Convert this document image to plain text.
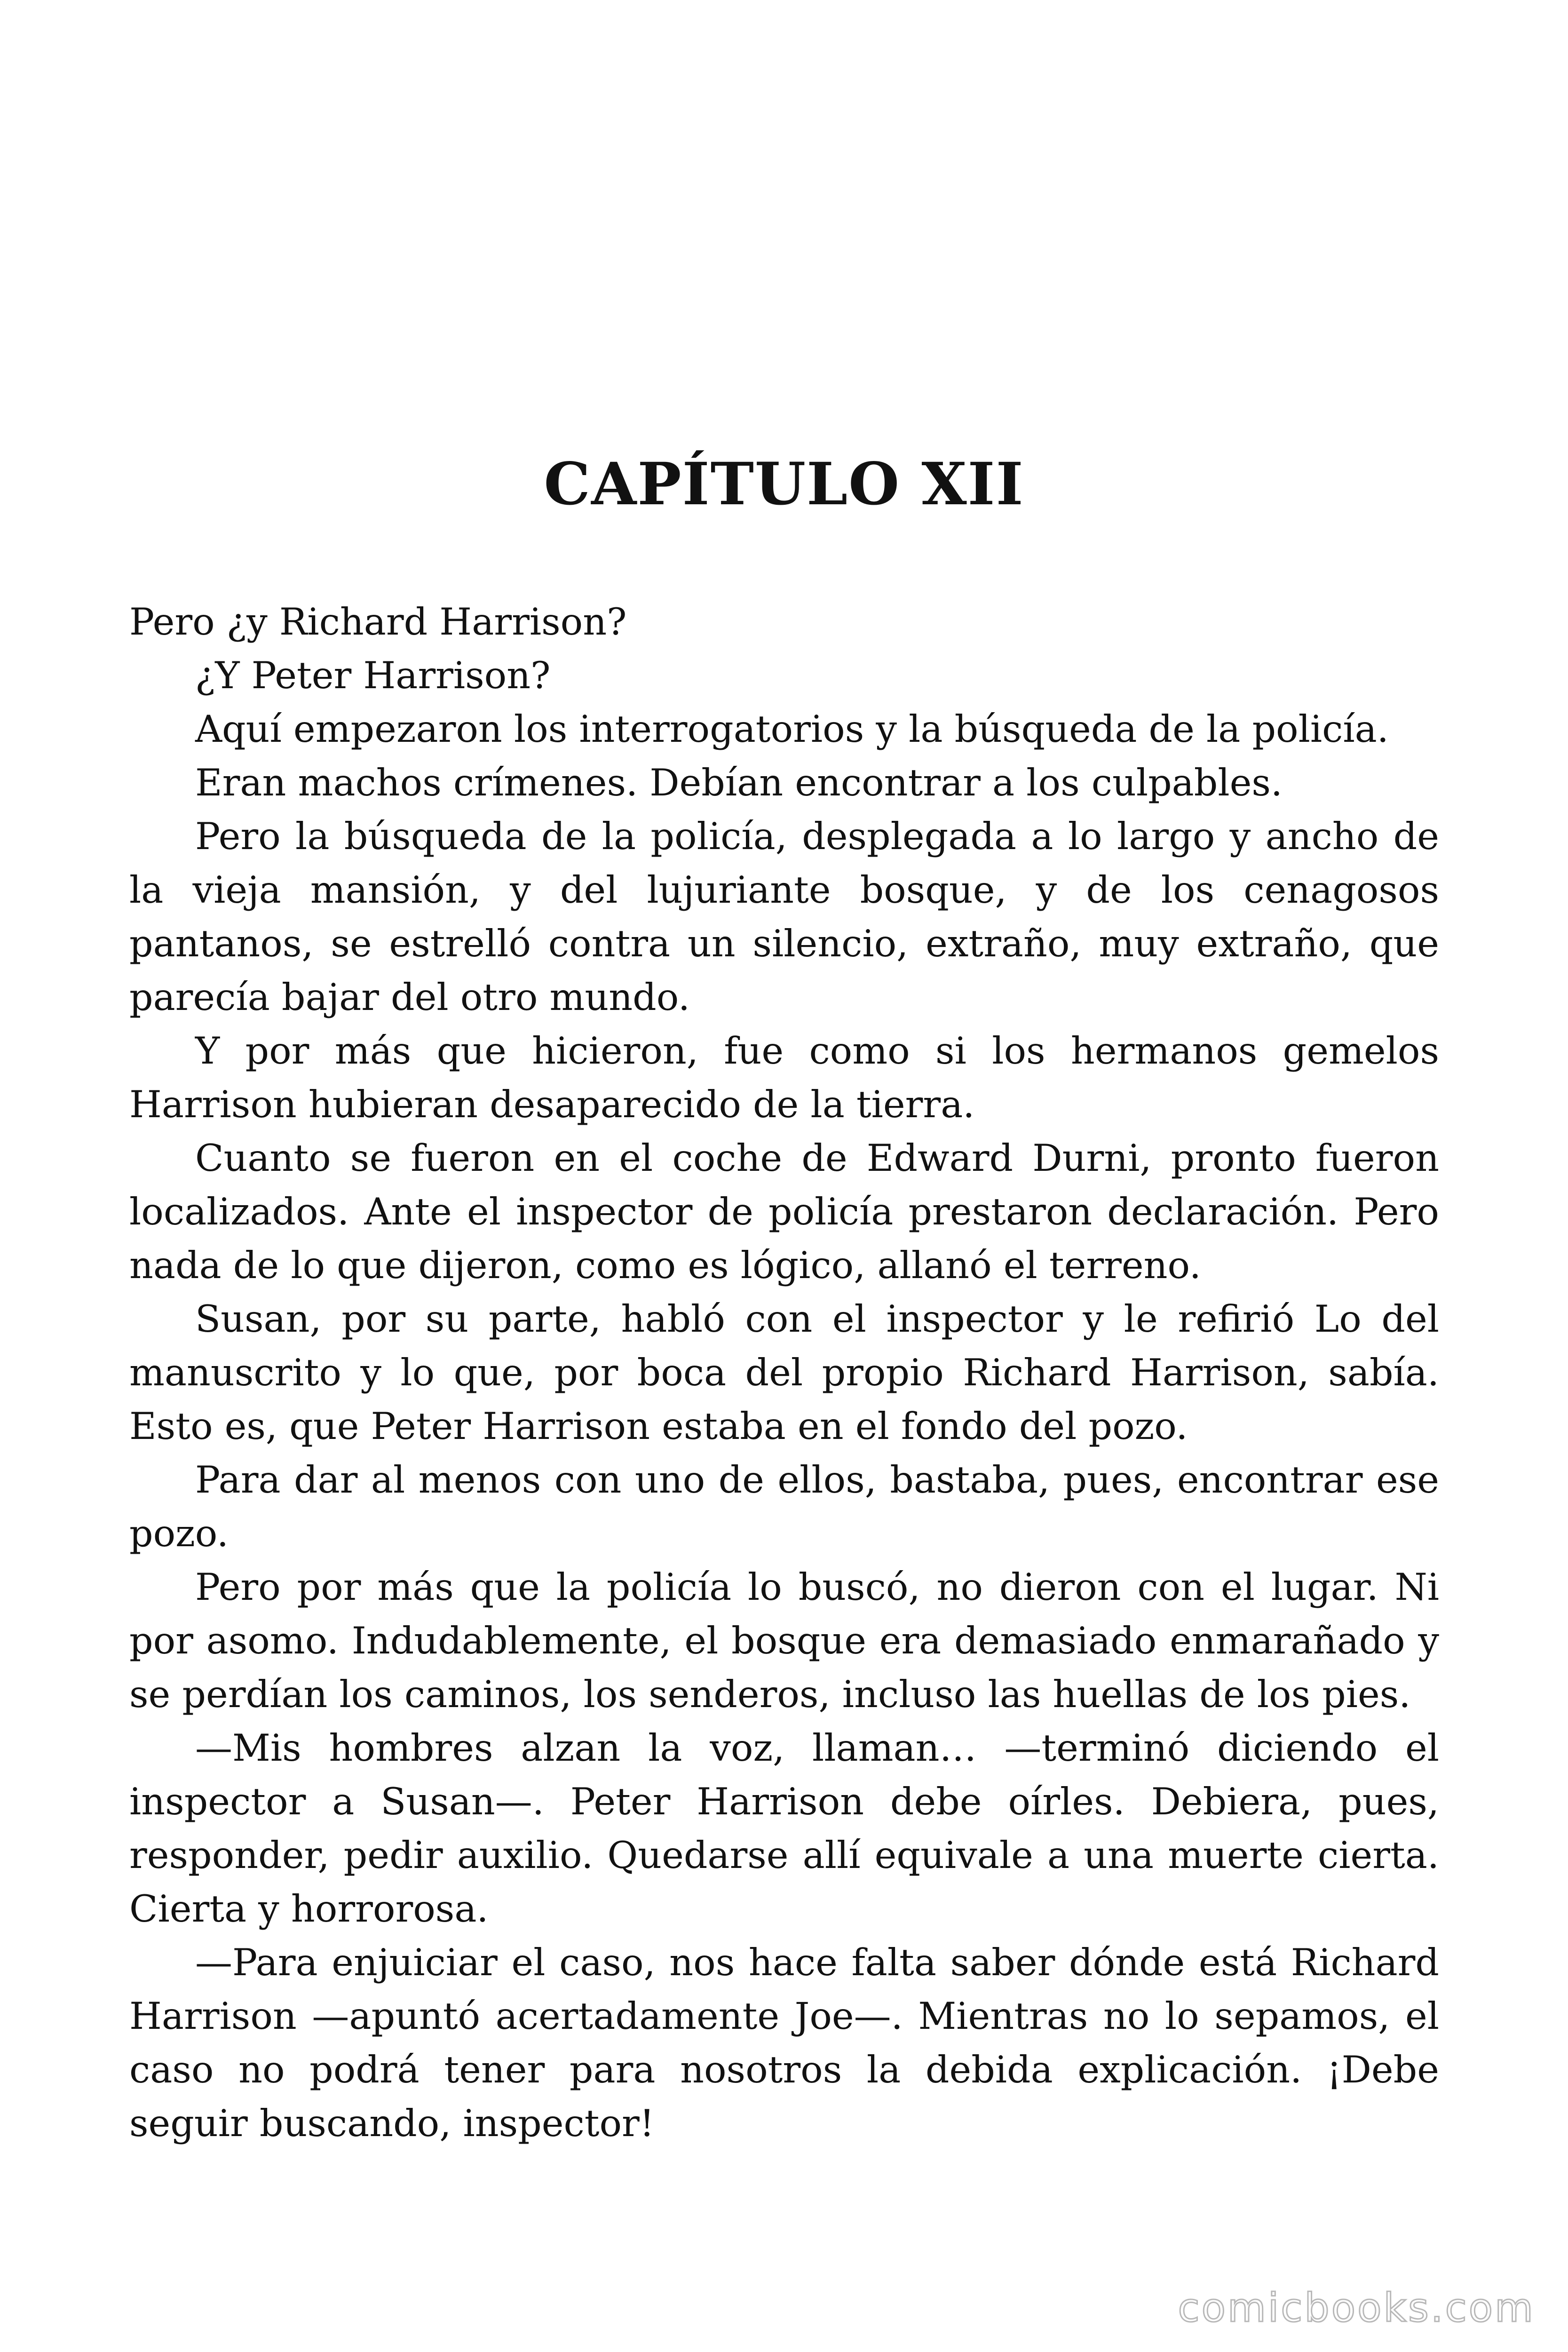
CAPÍTULO XII

Pero ¿y Richard Harrison?

¿Y Peter Harrison?

Aquí empezaron los interrogatorios y la búsqueda de la policía.

Eran machos crímenes. Debían encontrar a los culpables.

Pero la búsqueda de la policía, desplegada a lo largo y ancho de la vieja mansión, y del lujuriante bosque, y de los cenagosos pantanos, se estrelló contra un silencio, extraño, muy extraño, que parecía bajar del otro mundo.

Y por más que hicieron, fue como si los hermanos gemelos Harrison hubieran desaparecido de la tierra.

Cuanto se fueron en el coche de Edward Durni, pronto fueron localizados. Ante el inspector de policía prestaron declaración. Pero nada de lo que dijeron, como es lógico, allanó el terreno.

Susan, por su parte, habló con el inspector y le refirió Lo del manuscrito y lo que, por boca del propio Richard Harrison, sabía. Esto es, que Peter Harrison estaba en el fondo del pozo.

Para dar al menos con uno de ellos, bastaba, pues, encontrar ese pozo.

Pero por más que la policía lo buscó, no dieron con el lugar. Ni por asomo. Indudablemente, el bosque era demasiado enmarañado y se perdían los caminos, los senderos, incluso las huellas de los pies.

—Mis hombres alzan la voz, llaman… —terminó diciendo el inspector a Susan—. Peter Harrison debe oírles. Debiera, pues, responder, pedir auxilio. Quedarse allí equivale a una muerte cierta. Cierta y horrorosa.

—Para enjuiciar el caso, nos hace falta saber dónde está Richard Harrison —apuntó acertadamente Joe—. Mientras no lo sepamos, el caso no podrá tener para nosotros la debida explicación. ¡Debe seguir buscando, inspector!

comicbooks.com
